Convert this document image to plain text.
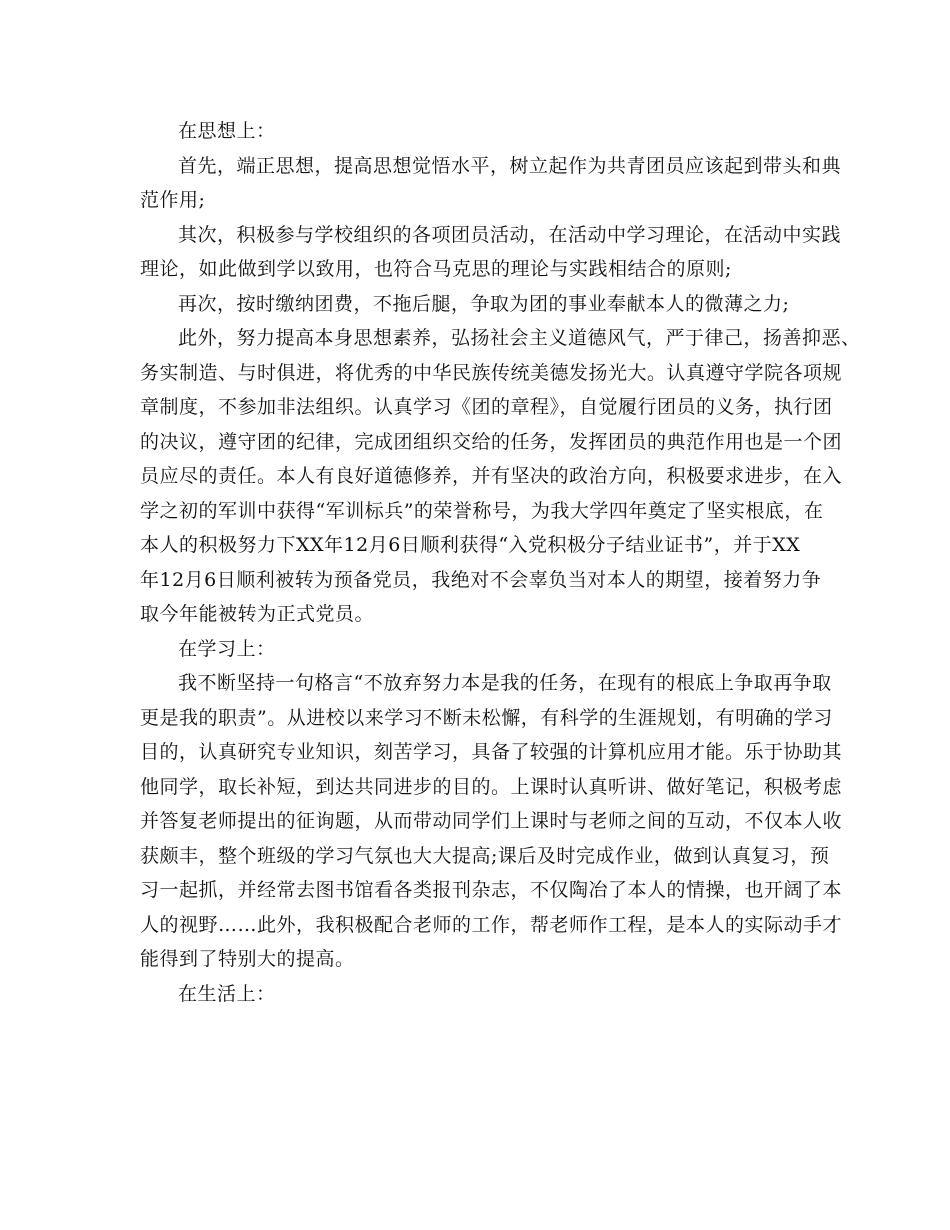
在思想上：
首先，端正思想，提高思想觉悟水平，树立起作为共青团员应该起到带头和典
范作用;
其次，积极参与学校组织的各项团员活动，在活动中学习理论，在活动中实践
理论，如此做到学以致用，也符合马克思的理论与实践相结合的原则;
再次，按时缴纳团费，不拖后腿，争取为团的事业奉献本人的微薄之力;
此外，努力提高本身思想素养，弘扬社会主义道德风气，严于律己，扬善抑恶、
务实制造、与时俱进，将优秀的中华民族传统美德发扬光大。认真遵守学院各项规
章制度，不参加非法组织。认真学习《团的章程》，自觉履行团员的义务，执行团
的决议，遵守团的纪律，完成团组织交给的任务，发挥团员的典范作用也是一个团
员应尽的责任。本人有良好道德修养，并有坚决的政治方向，积极要求进步，在入
学之初的军训中获得“军训标兵”的荣誉称号，为我大学四年奠定了坚实根底，在
本人的积极努力下XX年12月6日顺利获得“入党积极分子结业证书”，并于XX
年12月6日顺利被转为预备党员，我绝对不会辜负当对本人的期望，接着努力争
取今年能被转为正式党员。
在学习上：
我不断坚持一句格言“不放弃努力本是我的任务，在现有的根底上争取再争取
更是我的职责”。从进校以来学习不断未松懈，有科学的生涯规划，有明确的学习
目的，认真研究专业知识，刻苦学习，具备了较强的计算机应用才能。乐于协助其
他同学，取长补短，到达共同进步的目的。上课时认真听讲、做好笔记，积极考虑
并答复老师提出的征询题，从而带动同学们上课时与老师之间的互动，不仅本人收
获颇丰，整个班级的学习气氛也大大提高;课后及时完成作业，做到认真复习，预
习一起抓，并经常去图书馆看各类报刊杂志，不仅陶冶了本人的情操，也开阔了本
人的视野……此外，我积极配合老师的工作，帮老师作工程，是本人的实际动手才
能得到了特别大的提高。
在生活上：
